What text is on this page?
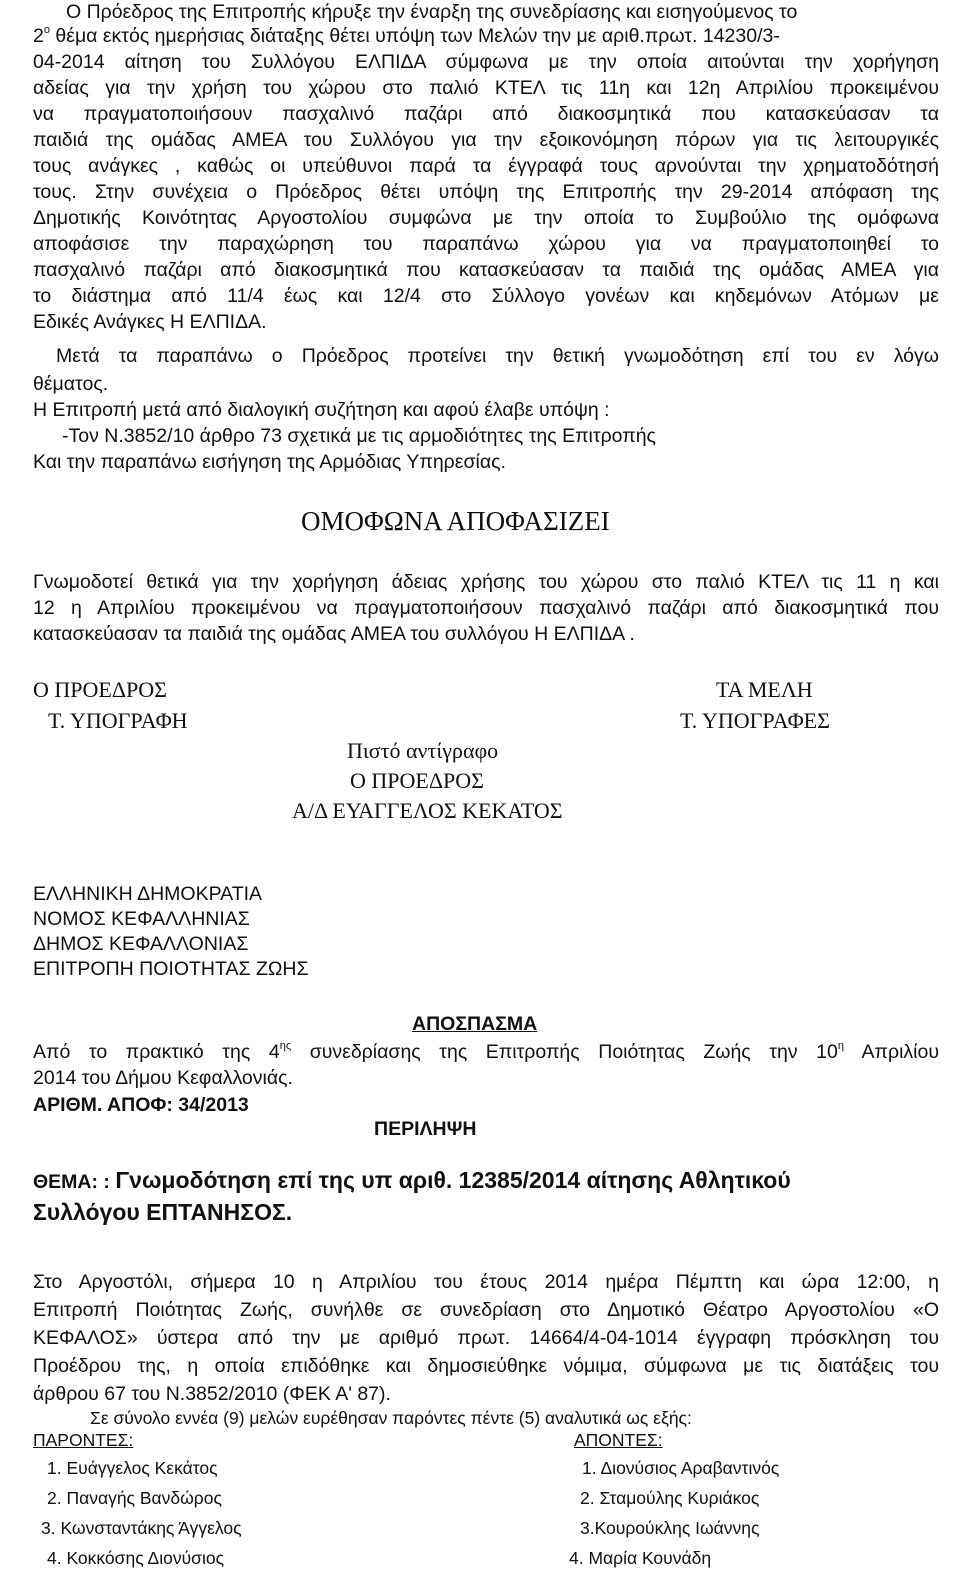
Ο Πρόεδρος της Επιτροπής κήρυξε την έναρξη της συνεδρίασης και εισηγούμενος το
$2^o$ θέμα εκτός ημερήσιας διάταξης θέτει υπόψη των Μελών την με αριθ.πρωτ. 14230/3-
04-2014 αίτηση του Συλλόγου ΕΛΠΙΔΑ σύμφωνα με την οποία αιτούνται την χορήγηση
αδείας για την χρήση του χώρου στο παλιό ΚΤΕΛ τις 11η και 12η Απριλίου προκειμένου
να πραγματοποιήσουν πασχαλινό παζάρι από διακοσμητικά που κατασκεύασαν τα
παιδιά της ομάδας ΑΜΕΑ του Συλλόγου για την εξοικονόμηση πόρων για τις λειτουργικές
τους ανάγκες , καθώς οι υπεύθυνοι παρά τα έγγραφά τους αρνούνται την χρηματοδότησή
τους. Στην συνέχεια ο Πρόεδρος θέτει υπόψη της Επιτροπής την 29-2014 απόφαση της
Δημοτικής Κοινότητας Αργοστολίου συμφώνα με την οποία το Συμβούλιο της ομόφωνα
αποφάσισε την παραχώρηση του παραπάνω χώρου για να πραγματοποιηθεί το
πασχαλινό παζάρι από διακοσμητικά που κατασκεύασαν τα παιδιά της ομάδας ΑΜΕΑ για
το διάστημα από 11/4 έως και 12/4 στο Σύλλογο γονέων και κηδεμόνων Ατόμων με
Εδικές Ανάγκες Η ΕΛΠΙΔΑ.
Μετά τα παραπάνω ο Πρόεδρος προτείνει την θετική γνωμοδότηση επί του εν λόγω
θέματος.
Η Επιτροπή μετά από διαλογική συζήτηση και αφού έλαβε υπόψη :
-Τον Ν.3852/10 άρθρο 73 σχετικά με τις αρμοδιότητες της Επιτροπής
Και την παραπάνω εισήγηση της Αρμόδιας Υπηρεσίας.
ΟΜΟΦΩΝΑ ΑΠΟΦΑΣΙΖΕΙ
Γνωμοδοτεί θετικά για την χορήγηση άδειας χρήσης του χώρου στο παλιό ΚΤΕΛ τις 11 η και
12 η Απριλίου προκειμένου να πραγματοποιήσουν πασχαλινό παζάρι από διακοσμητικά που
κατασκεύασαν τα παιδιά της ομάδας ΑΜΕΑ του συλλόγου Η ΕΛΠΙΔΑ .
Ο ΠΡΟΕΔΡΟΣ
Τ. ΥΠΟΓΡΑΦΗ
ΤΑ ΜΕΛΗ
Τ. ΥΠΟΓΡΑΦΕΣ
Πιστό αντίγραφο
Ο ΠΡΟΕΔΡΟΣ
Α/Δ ΕΥΑΓΓΕΛΟΣ ΚΕΚΑΤΟΣ
ΕΛΛΗΝΙΚΗ ΔΗΜΟΚΡΑΤΙΑ
ΝΟΜΟΣ ΚΕΦΑΛΛΗΝΙΑΣ
ΔΗΜΟΣ ΚΕΦΑΛΛΟΝΙΑΣ
ΕΠΙΤΡΟΠΗ ΠΟΙΟΤΗΤΑΣ ΖΩΗΣ
ΑΠΟΣΠΑΣΜΑ
Από το πρακτικό της $4^{\eta\varsigma}$ συνεδρίασης της Επιτροπής Ποιότητας Ζωής την $10^\eta$ Απριλίου
2014 του Δήμου Κεφαλλονιάς.
ΑΡΙΘΜ. ΑΠΟΦ: 34/2013
ΠΕΡΙΛΗΨΗ
ΘΕΜΑ: : Γνωμοδότηση επί της υπ αριθ. 12385/2014 αίτησης Αθλητικού
Συλλόγου ΕΠΤΑΝΗΣΟΣ.
Στο Αργοστόλι, σήμερα 10 η Απριλίου του έτους 2014 ημέρα Πέμπτη και ώρα 12:00, η
Επιτροπή Ποιότητας Ζωής, συνήλθε σε συνεδρίαση στο Δημοτικό Θέατρο Αργοστολίου «Ο
ΚΕΦΑΛΟΣ» ύστερα από την με αριθμό πρωτ. 14664/4-04-1014 έγγραφη πρόσκληση του
Προέδρου της, η οποία επιδόθηκε και δημοσιεύθηκε νόμιμα, σύμφωνα με τις διατάξεις του
άρθρου 67 του Ν.3852/2010 (ΦΕΚ Α' 87).
Σε σύνολο εννέα (9) μελών ευρέθησαν παρόντες πέντε (5) αναλυτικά ως εξής:
ΠΑΡΟΝΤΕΣ:	ΑΠΟΝΤΕΣ:
1. Ευάγγελος Κεκάτος
2. Παναγής Βανδώρος
3. Κωνσταντάκης Άγγελος
4. Κοκκόσης Διονύσιος
1. Διονύσιος Αραβαντινός
2. Σταμούλης Κυριάκος
3.Κουρούκλης Ιωάννης
4. Μαρία Κουνάδη
